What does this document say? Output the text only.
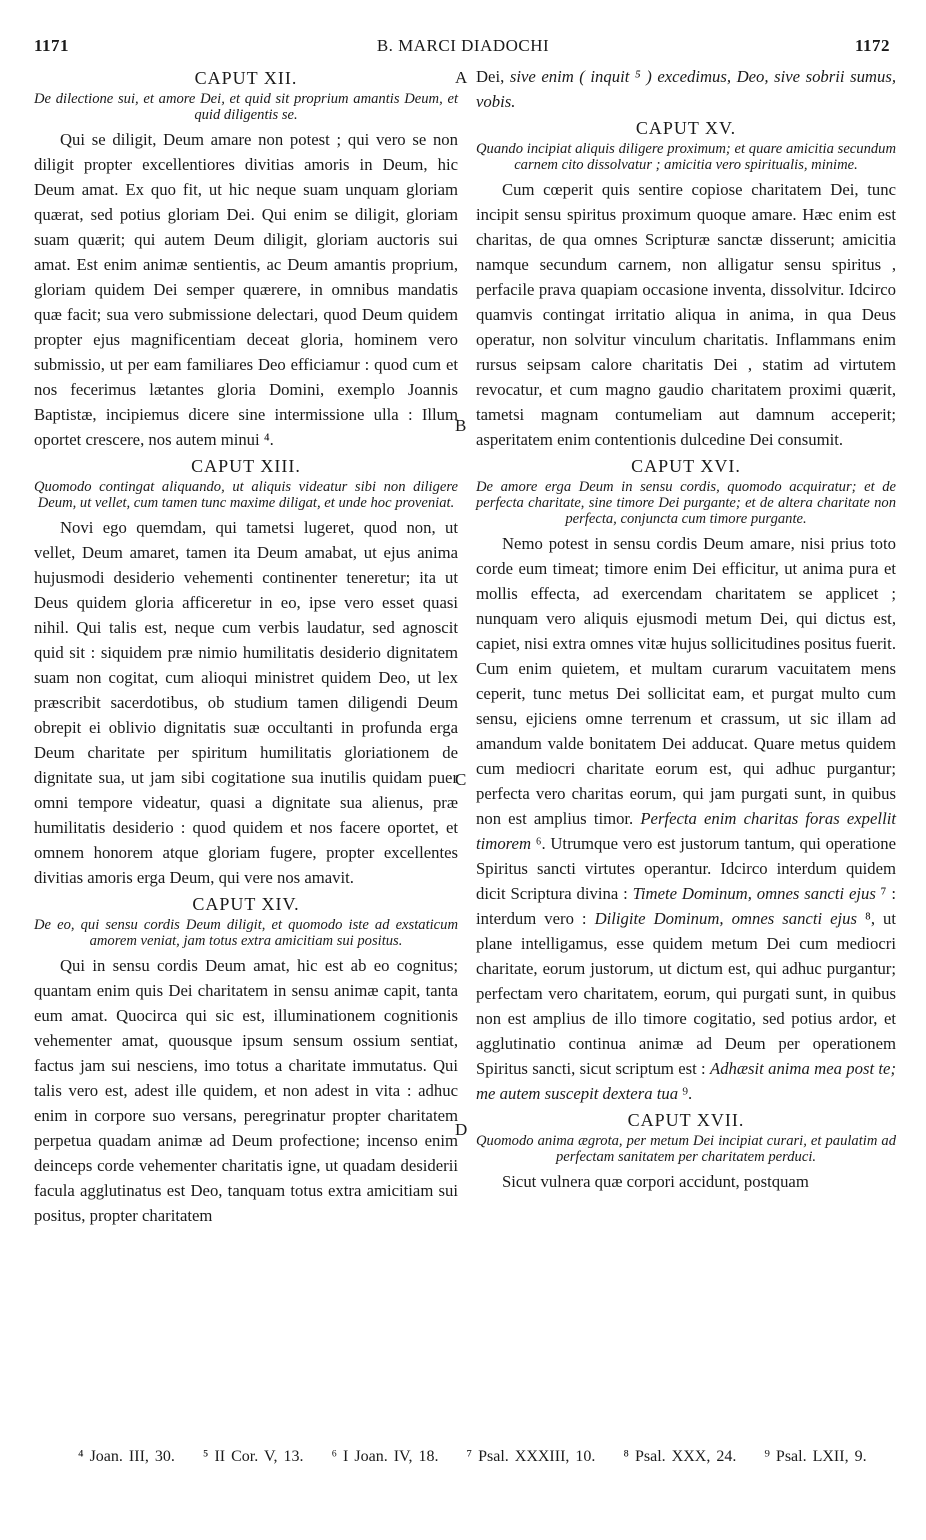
1171	B. MARCI DIADOCHI	1172
A
B
C
D
CAPUT XII.
De dilectione sui, et amore Dei, et quid sit proprium amantis Deum, et quid diligentis se.

Qui se diligit, Deum amare non potest ; qui vero se non diligit propter excellentiores divitias amoris in Deum, hic Deum amat. Ex quo fit, ut hic neque suam unquam gloriam quærat, sed potius gloriam Dei. Qui enim se diligit, gloriam suam quærit; qui autem Deum diligit, gloriam auctoris sui amat. Est enim animæ sentientis, ac Deum amantis proprium, gloriam quidem Dei semper quærere, in omnibus mandatis quæ facit; sua vero submissione delectari, quod Deum quidem propter ejus magnificentiam deceat gloria, hominem vero submissio, ut per eam familiares Deo efficiamur : quod cum et nos fecerimus lætantes gloria Domini, exemplo Joannis Baptistæ, incipiemus dicere sine intermissione ulla : Illum oportet crescere, nos autem minui ⁴.

CAPUT XIII.
Quomodo contingat aliquando, ut aliquis videatur sibi non diligere Deum, ut vellet, cum tamen tunc maxime diligat, et unde hoc proveniat.

Novi ego quemdam, qui tametsi lugeret, quod non, ut vellet, Deum amaret, tamen ita Deum amabat, ut ejus anima hujusmodi desiderio vehementi continenter teneretur; ita ut Deus quidem gloria afficeretur in eo, ipse vero esset quasi nihil. Qui talis est, neque cum verbis laudatur, sed agnoscit quid sit : siquidem præ nimio humilitatis desiderio dignitatem suam non cogitat, cum alioqui ministret quidem Deo, ut lex præscribit sacerdotibus, ob studium tamen diligendi Deum obrepit ei oblivio dignitatis suæ occultanti in profunda erga Deum charitate per spiritum humilitatis gloriationem de dignitate sua, ut jam sibi cogitatione sua inutilis quidam puer omni tempore videatur, quasi a dignitate sua alienus, præ humilitatis desiderio : quod quidem et nos facere oportet, et omnem honorem atque gloriam fugere, propter excellentes divitias amoris erga Deum, qui vere nos amavit.

CAPUT XIV.
De eo, qui sensu cordis Deum diligit, et quomodo iste ad exstaticum amorem veniat, jam totus extra amicitiam sui positus.

Qui in sensu cordis Deum amat, hic est ab eo cognitus; quantam enim quis Dei charitatem in sensu animæ capit, tanta eum amat. Quocirca qui sic est, illuminationem cognitionis vehementer amat, quousque ipsum sensum ossium sentiat, factus jam sui nesciens, imo totus a charitate immutatus. Qui talis vero est, adest ille quidem, et non adest in vita : adhuc enim in corpore suo versans, peregrinatur propter charitatem perpetua quadam animæ ad Deum profectione; incenso enim deinceps corde vehementer charitatis igne, ut quadam desiderii facula agglutinatus est Deo, tanquam totus extra amicitiam sui positus, propter charitatem

Dei, sive enim ( inquit ⁵ ) excedimus, Deo, sive sobrii sumus, vobis.

CAPUT XV.
Quando incipiat aliquis diligere proximum; et quare amicitia secundum carnem cito dissolvatur ; amicitia vero spiritualis, minime.

Cum cœperit quis sentire copiose charitatem Dei, tunc incipit sensu spiritus proximum quoque amare. Hæc enim est charitas, de qua omnes Scripturæ sanctæ disserunt; amicitia namque secundum carnem, non alligatur sensu spiritus , perfacile prava quapiam occasione inventa, dissolvitur. Idcirco quamvis contingat irritatio aliqua in anima, in qua Deus operatur, non solvitur vinculum charitatis. Inflammans enim rursus seipsam calore charitatis Dei , statim ad virtutem revocatur, et cum magno gaudio charitatem proximi quærit, tametsi magnam contumeliam aut damnum acceperit; asperitatem enim contentionis dulcedine Dei consumit.

CAPUT XVI.
De amore erga Deum in sensu cordis, quomodo acquiratur; et de perfecta charitate, sine timore Dei purgante; et de altera charitate non perfecta, conjuncta cum timore purgante.

Nemo potest in sensu cordis Deum amare, nisi prius toto corde eum timeat; timore enim Dei efficitur, ut anima pura et mollis effecta, ad exercendam charitatem se applicet ; nunquam vero aliquis ejusmodi metum Dei, qui dictus est, capiet, nisi extra omnes vitæ hujus sollicitudines positus fuerit. Cum enim quietem, et multam curarum vacuitatem mens ceperit, tunc metus Dei sollicitat eam, et purgat multo cum sensu, ejiciens omne terrenum et crassum, ut sic illam ad amandum valde bonitatem Dei adducat. Quare metus quidem cum mediocri charitate eorum est, qui adhuc purgantur; perfecta vero charitas eorum, qui jam purgati sunt, in quibus non est amplius timor. Perfecta enim charitas foras expellit timorem ⁶. Utrumque vero est justorum tantum, qui operatione Spiritus sancti virtutes operantur. Idcirco interdum quidem dicit Scriptura divina : Timete Dominum, omnes sancti ejus ⁷ : interdum vero : Diligite Dominum, omnes sancti ejus ⁸, ut plane intelligamus, esse quidem metum Dei cum mediocri charitate, eorum justorum, ut dictum est, qui adhuc purgantur; perfectam vero charitatem, eorum, qui purgati sunt, in quibus non est amplius de illo timore cogitatio, sed potius ardor, et agglutinatio continua animæ ad Deum per operationem Spiritus sancti, sicut scriptum est : Adhæsit anima mea post te; me autem suscepit dextera tua ⁹.

CAPUT XVII.
Quomodo anima ægrota, per metum Dei incipiat curari, et paulatim ad perfectam sanitatem per charitatem perduci.

Sicut vulnera quæ corpori accidunt, postquam

⁴ Joan. III, 30. ⁵ II Cor. V, 13. ⁶ I Joan. IV, 18. ⁷ Psal. XXXIII, 10. ⁸ Psal. XXX, 24. ⁹ Psal. LXII, 9.
